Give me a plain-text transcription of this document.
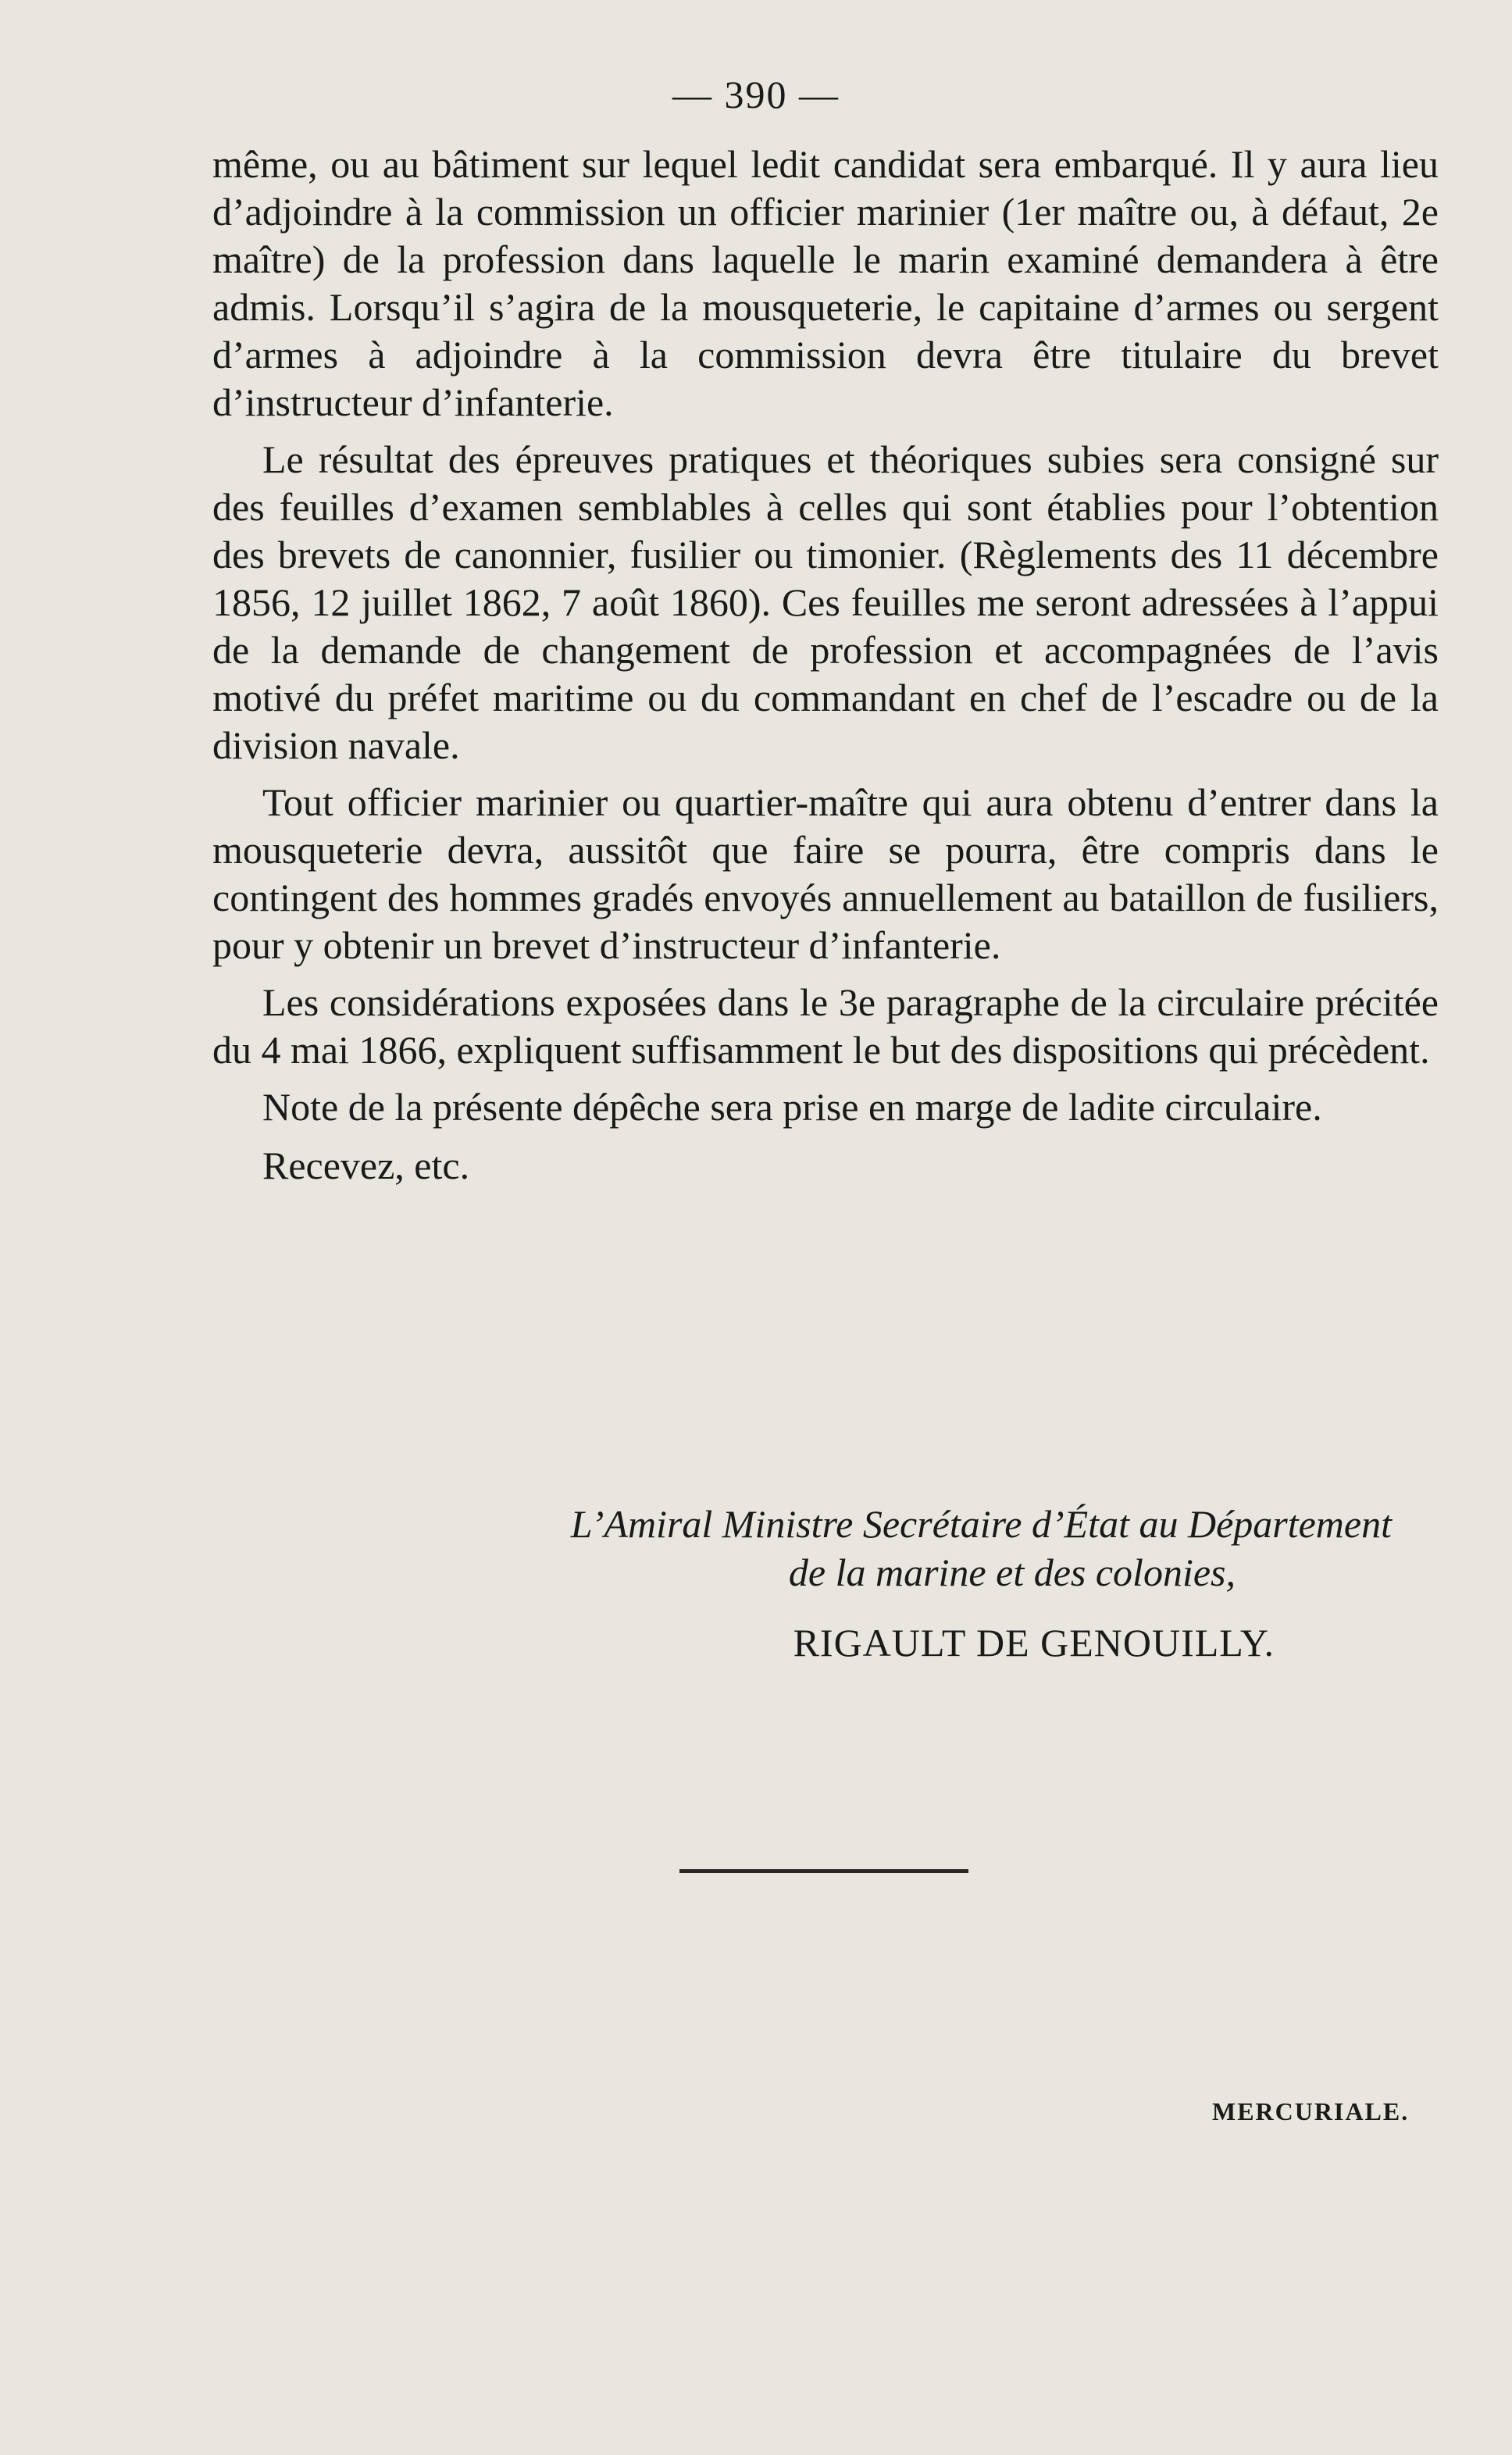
— 390 —

même, ou au bâtiment sur lequel ledit candidat sera embarqué. Il y aura lieu d’adjoindre à la commission un officier marinier (1er maître ou, à défaut, 2e maître) de la profession dans laquelle le marin examiné demandera à être admis. Lorsqu’il s’agira de la mousqueterie, le capitaine d’armes ou sergent d’armes à adjoindre à la commission devra être titulaire du brevet d’instructeur d’infanterie.

Le résultat des épreuves pratiques et théoriques subies sera consigné sur des feuilles d’examen semblables à celles qui sont établies pour l’obtention des brevets de canonnier, fusilier ou timonier. (Règlements des 11 décembre 1856, 12 juillet 1862, 7 août 1860). Ces feuilles me seront adressées à l’appui de la demande de changement de profession et accompagnées de l’avis motivé du préfet maritime ou du commandant en chef de l’escadre ou de la division navale.

Tout officier marinier ou quartier-maître qui aura obtenu d’entrer dans la mousqueterie devra, aussitôt que faire se pourra, être compris dans le contingent des hommes gradés envoyés annuellement au bataillon de fusiliers, pour y obtenir un brevet d’instructeur d’infanterie.

Les considérations exposées dans le 3e paragraphe de la circulaire précitée du 4 mai 1866, expliquent suffisamment le but des dispositions qui précèdent.

Note de la présente dépêche sera prise en marge de ladite circulaire.

Recevez, etc.

L’Amiral Ministre Secrétaire d’État au Département

de la marine et des colonies,

RIGAULT DE GENOUILLY.

MERCURIALE.
